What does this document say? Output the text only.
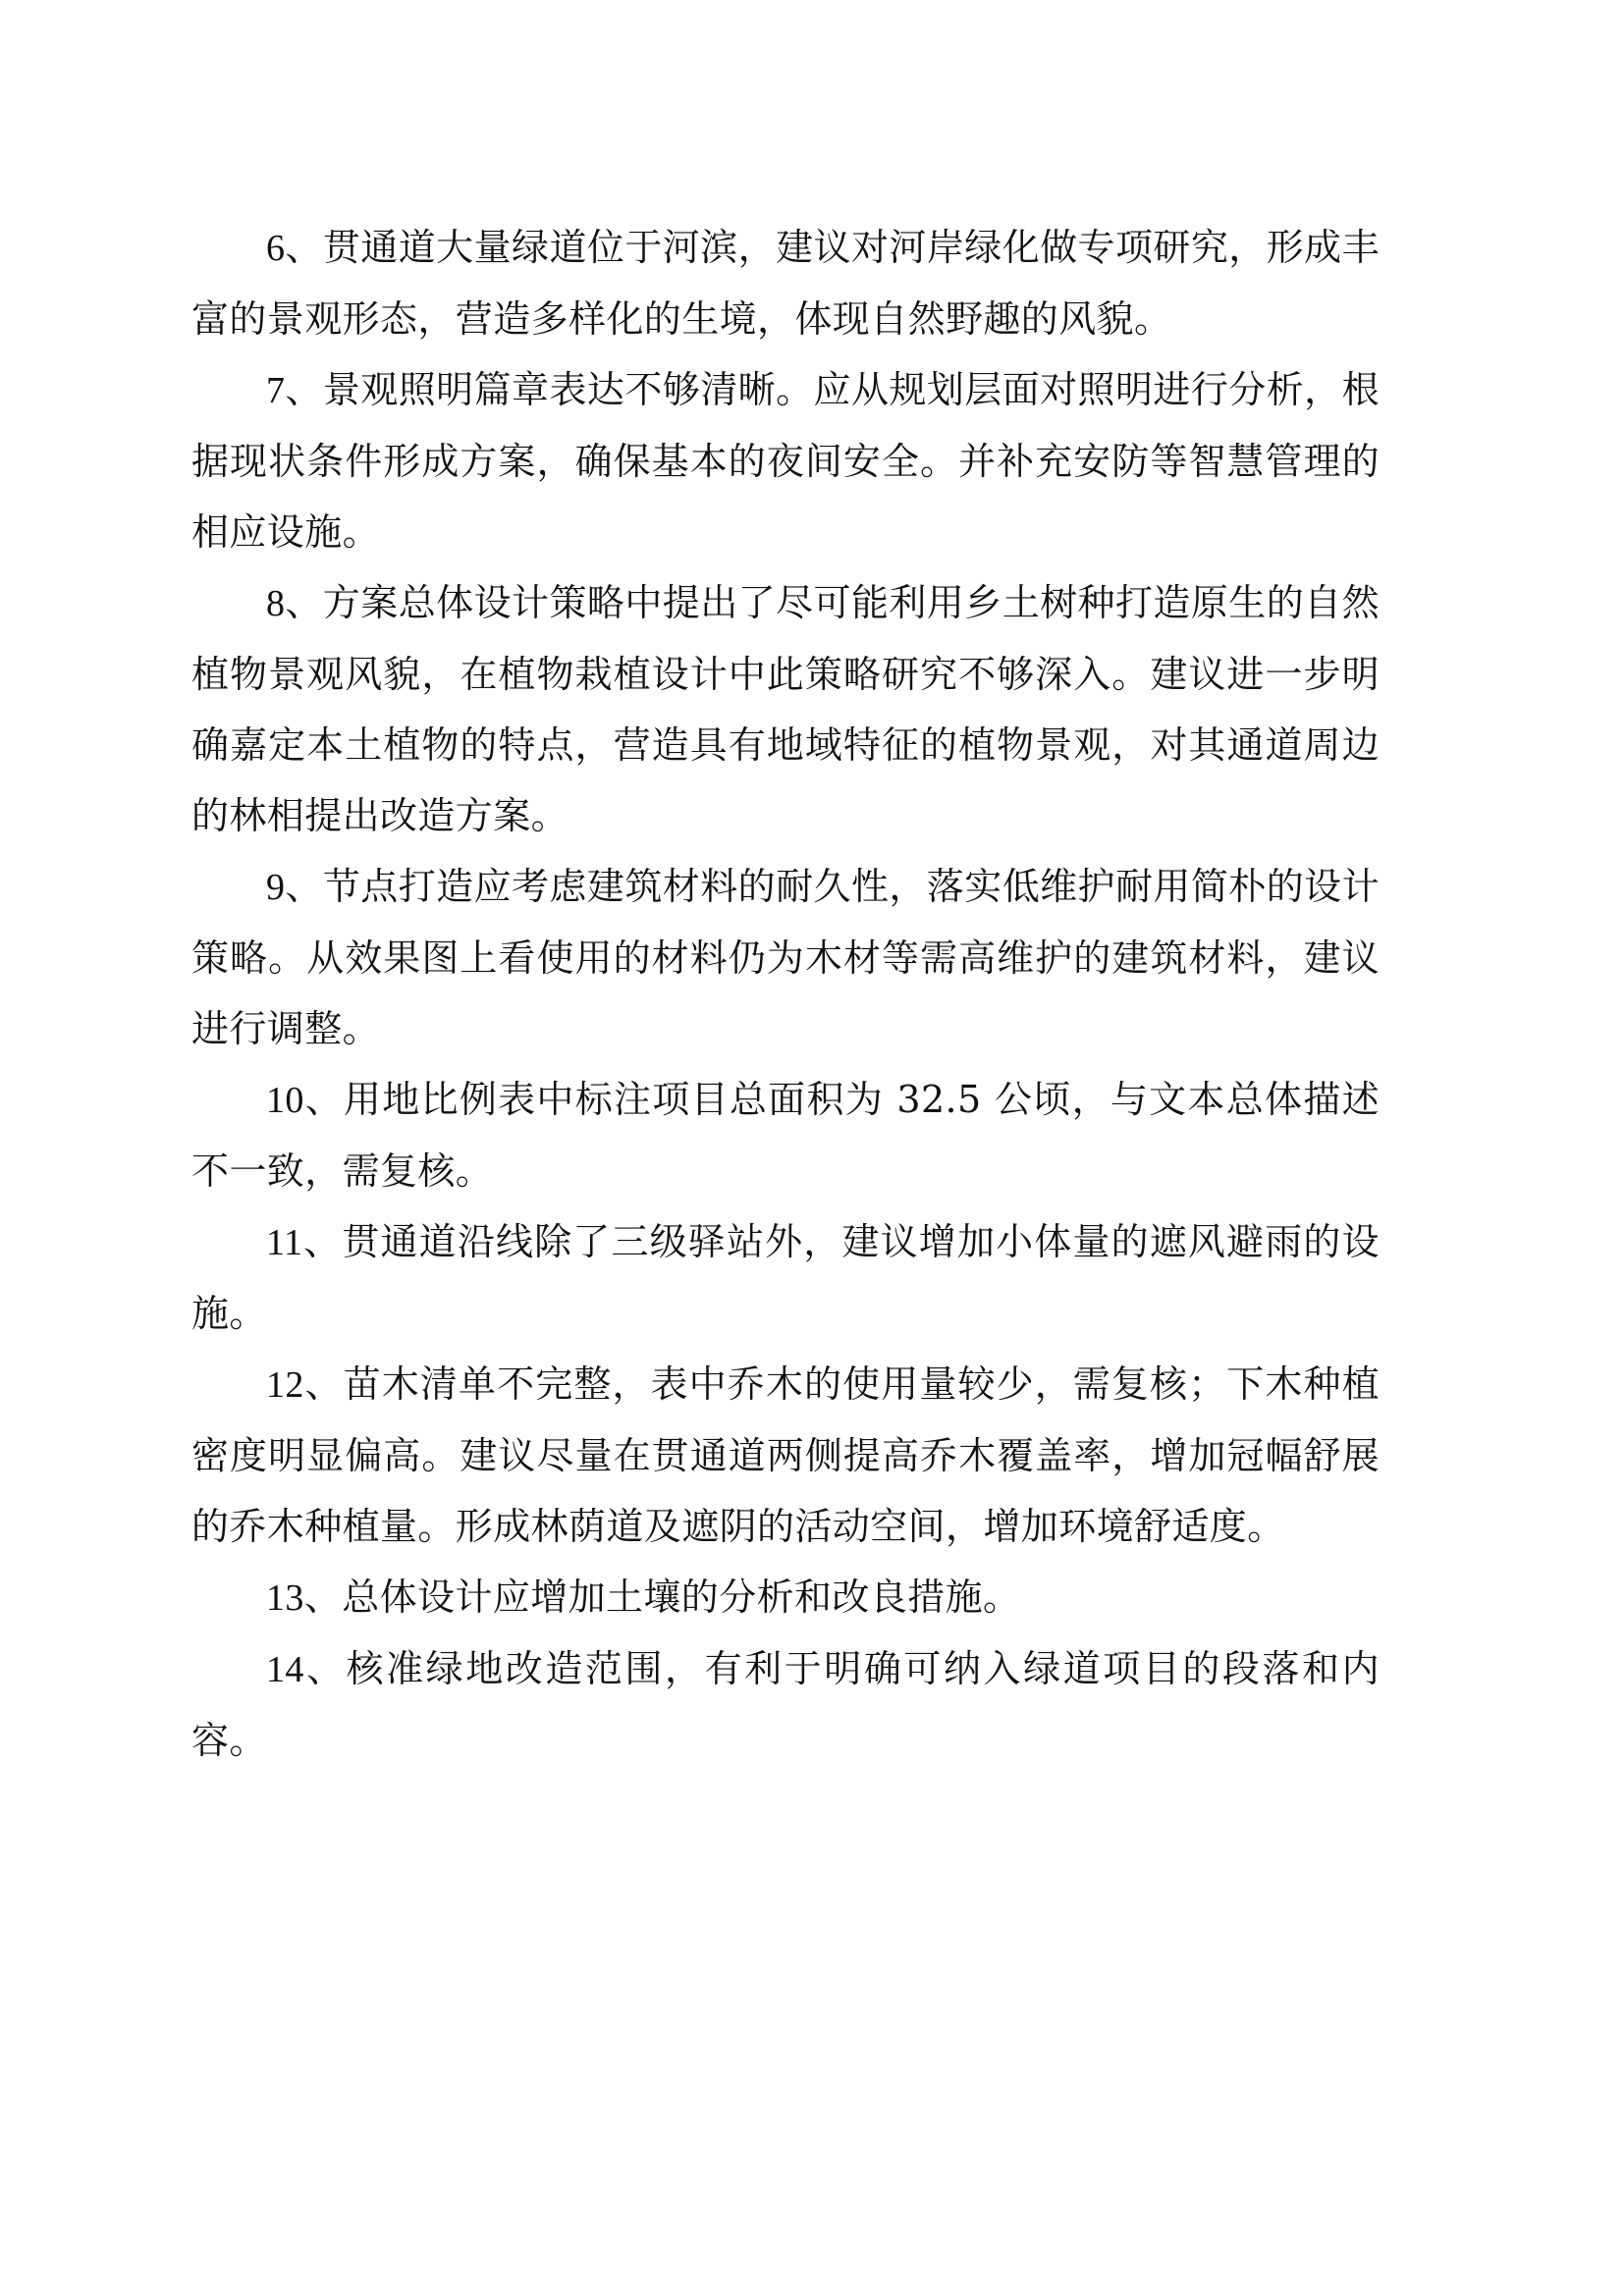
6、贯通道大量绿道位于河滨，建议对河岸绿化做专项研究，形成丰富的景观形态，营造多样化的生境，体现自然野趣的风貌。

7、景观照明篇章表达不够清晰。应从规划层面对照明进行分析，根据现状条件形成方案，确保基本的夜间安全。并补充安防等智慧管理的相应设施。

8、方案总体设计策略中提出了尽可能利用乡土树种打造原生的自然植物景观风貌，在植物栽植设计中此策略研究不够深入。建议进一步明确嘉定本土植物的特点，营造具有地域特征的植物景观，对其通道周边的林相提出改造方案。

9、节点打造应考虑建筑材料的耐久性，落实低维护耐用简朴的设计策略。从效果图上看使用的材料仍为木材等需高维护的建筑材料，建议进行调整。

10、用地比例表中标注项目总面积为 32.5 公顷，与文本总体描述不一致，需复核。

11、贯通道沿线除了三级驿站外，建议增加小体量的遮风避雨的设施。

12、苗木清单不完整，表中乔木的使用量较少，需复核；下木种植密度明显偏高。建议尽量在贯通道两侧提高乔木覆盖率，增加冠幅舒展的乔木种植量。形成林荫道及遮阴的活动空间，增加环境舒适度。

13、总体设计应增加土壤的分析和改良措施。

14、核准绿地改造范围，有利于明确可纳入绿道项目的段落和内容。
